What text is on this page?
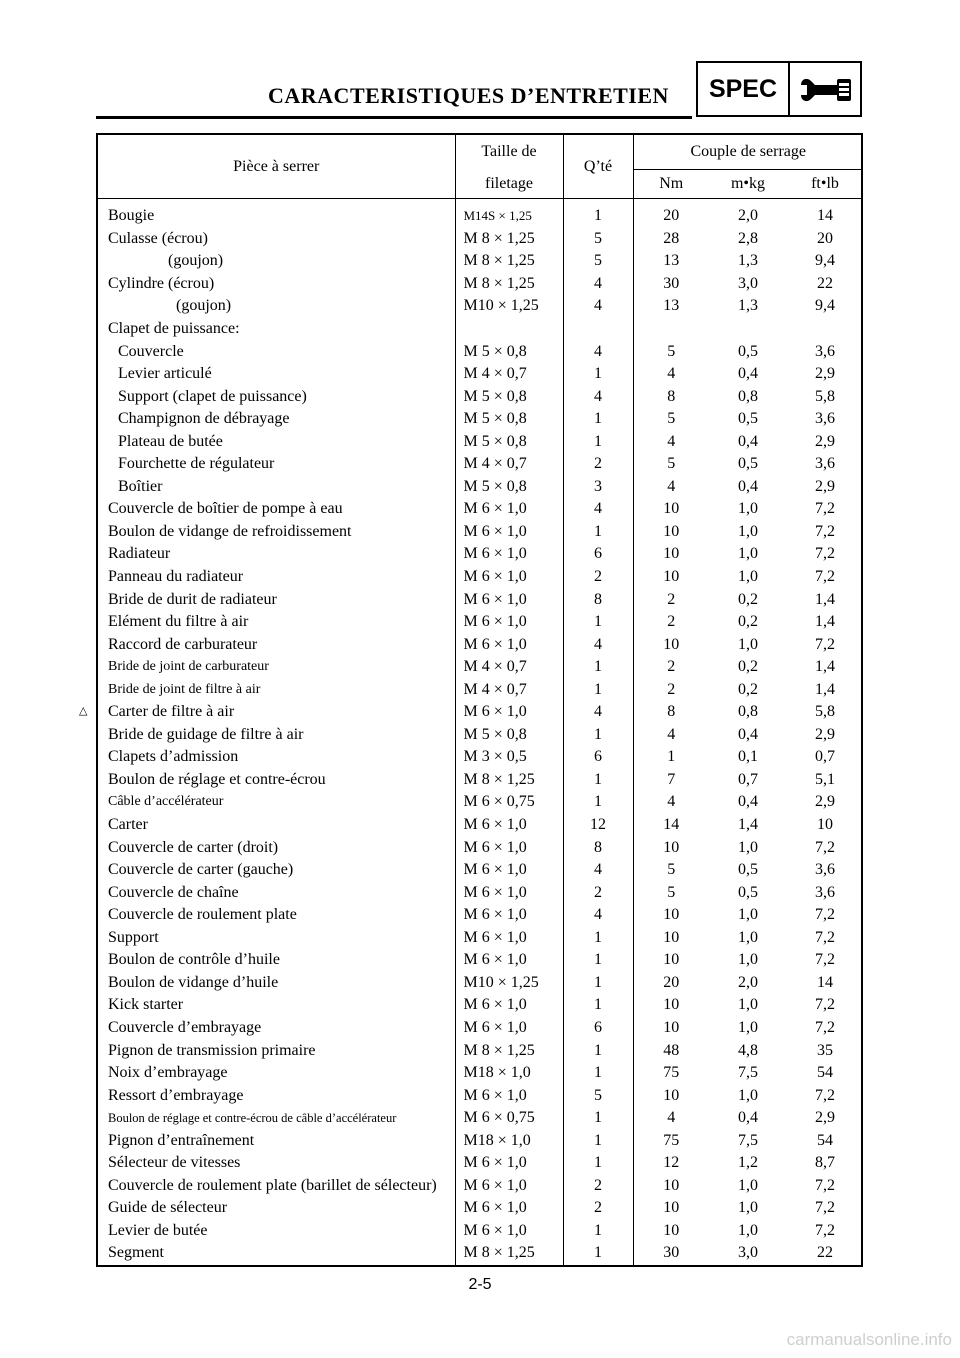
CARACTERISTIQUES D’ENTRETIEN	SPEC
Pièce à serrer	Taille de	Q’té	Couple de serrage		
	filetage		Nm	m•kg	ft•lb

Bougie	M14S × 1,25	1	20	2,0	14
Culasse (écrou)	M 8 × 1,25	5	28	2,8	20
(goujon)	M 8 × 1,25	5	13	1,3	9,4
Cylindre (écrou)	M 8 × 1,25	4	30	3,0	22
(goujon)	M10 × 1,25	4	13	1,3	9,4
Clapet de puissance:					
Couvercle	M 5 × 0,8	4	5	0,5	3,6
Levier articulé	M 4 × 0,7	1	4	0,4	2,9
Support (clapet de puissance)	M 5 × 0,8	4	8	0,8	5,8
Champignon de débrayage	M 5 × 0,8	1	5	0,5	3,6
Plateau de butée	M 5 × 0,8	1	4	0,4	2,9
Fourchette de régulateur	M 4 × 0,7	2	5	0,5	3,6
Boîtier	M 5 × 0,8	3	4	0,4	2,9
Couvercle de boîtier de pompe à eau	M 6 × 1,0	4	10	1,0	7,2
Boulon de vidange de refroidissement	M 6 × 1,0	1	10	1,0	7,2
Radiateur	M 6 × 1,0	6	10	1,0	7,2
Panneau du radiateur	M 6 × 1,0	2	10	1,0	7,2
Bride de durit de radiateur	M 6 × 1,0	8	2	0,2	1,4
Elément du filtre à air	M 6 × 1,0	1	2	0,2	1,4
Raccord de carburateur	M 6 × 1,0	4	10	1,0	7,2
Bride de joint de carburateur	M 4 × 0,7	1	2	0,2	1,4
Bride de joint de filtre à air	M 4 × 0,7	1	2	0,2	1,4
Carter de filtre à air	M 6 × 1,0	4	8	0,8	5,8
Bride de guidage de filtre à air	M 5 × 0,8	1	4	0,4	2,9
Clapets d’admission	M 3 × 0,5	6	1	0,1	0,7
Boulon de réglage et contre-écrou	M 8 × 1,25	1	7	0,7	5,1
Câble d’accélérateur	M 6 × 0,75	1	4	0,4	2,9
Carter	M 6 × 1,0	12	14	1,4	10
Couvercle de carter (droit)	M 6 × 1,0	8	10	1,0	7,2
Couvercle de carter (gauche)	M 6 × 1,0	4	5	0,5	3,6
Couvercle de chaîne	M 6 × 1,0	2	5	0,5	3,6
Couvercle de roulement plate	M 6 × 1,0	4	10	1,0	7,2
Support	M 6 × 1,0	1	10	1,0	7,2
Boulon de contrôle d’huile	M 6 × 1,0	1	10	1,0	7,2
Boulon de vidange d’huile	M10 × 1,25	1	20	2,0	14
Kick starter	M 6 × 1,0	1	10	1,0	7,2
Couvercle d’embrayage	M 6 × 1,0	6	10	1,0	7,2
Pignon de transmission primaire	M 8 × 1,25	1	48	4,8	35
Noix d’embrayage	M18 × 1,0	1	75	7,5	54
Ressort d’embrayage	M 6 × 1,0	5	10	1,0	7,2
Boulon de réglage et contre-écrou de câble d’accélérateur	M 6 × 0,75	1	4	0,4	2,9
Pignon d’entraînement	M18 × 1,0	1	75	7,5	54
Sélecteur de vitesses	M 6 × 1,0	1	12	1,2	8,7
Couvercle de roulement plate (barillet de sélecteur)	M 6 × 1,0	2	10	1,0	7,2
Guide de sélecteur	M 6 × 1,0	2	10	1,0	7,2
Levier de butée	M 6 × 1,0	1	10	1,0	7,2
Segment	M 8 × 1,25	1	30	3,0	22
△
2-5
carmanualsonline.info
